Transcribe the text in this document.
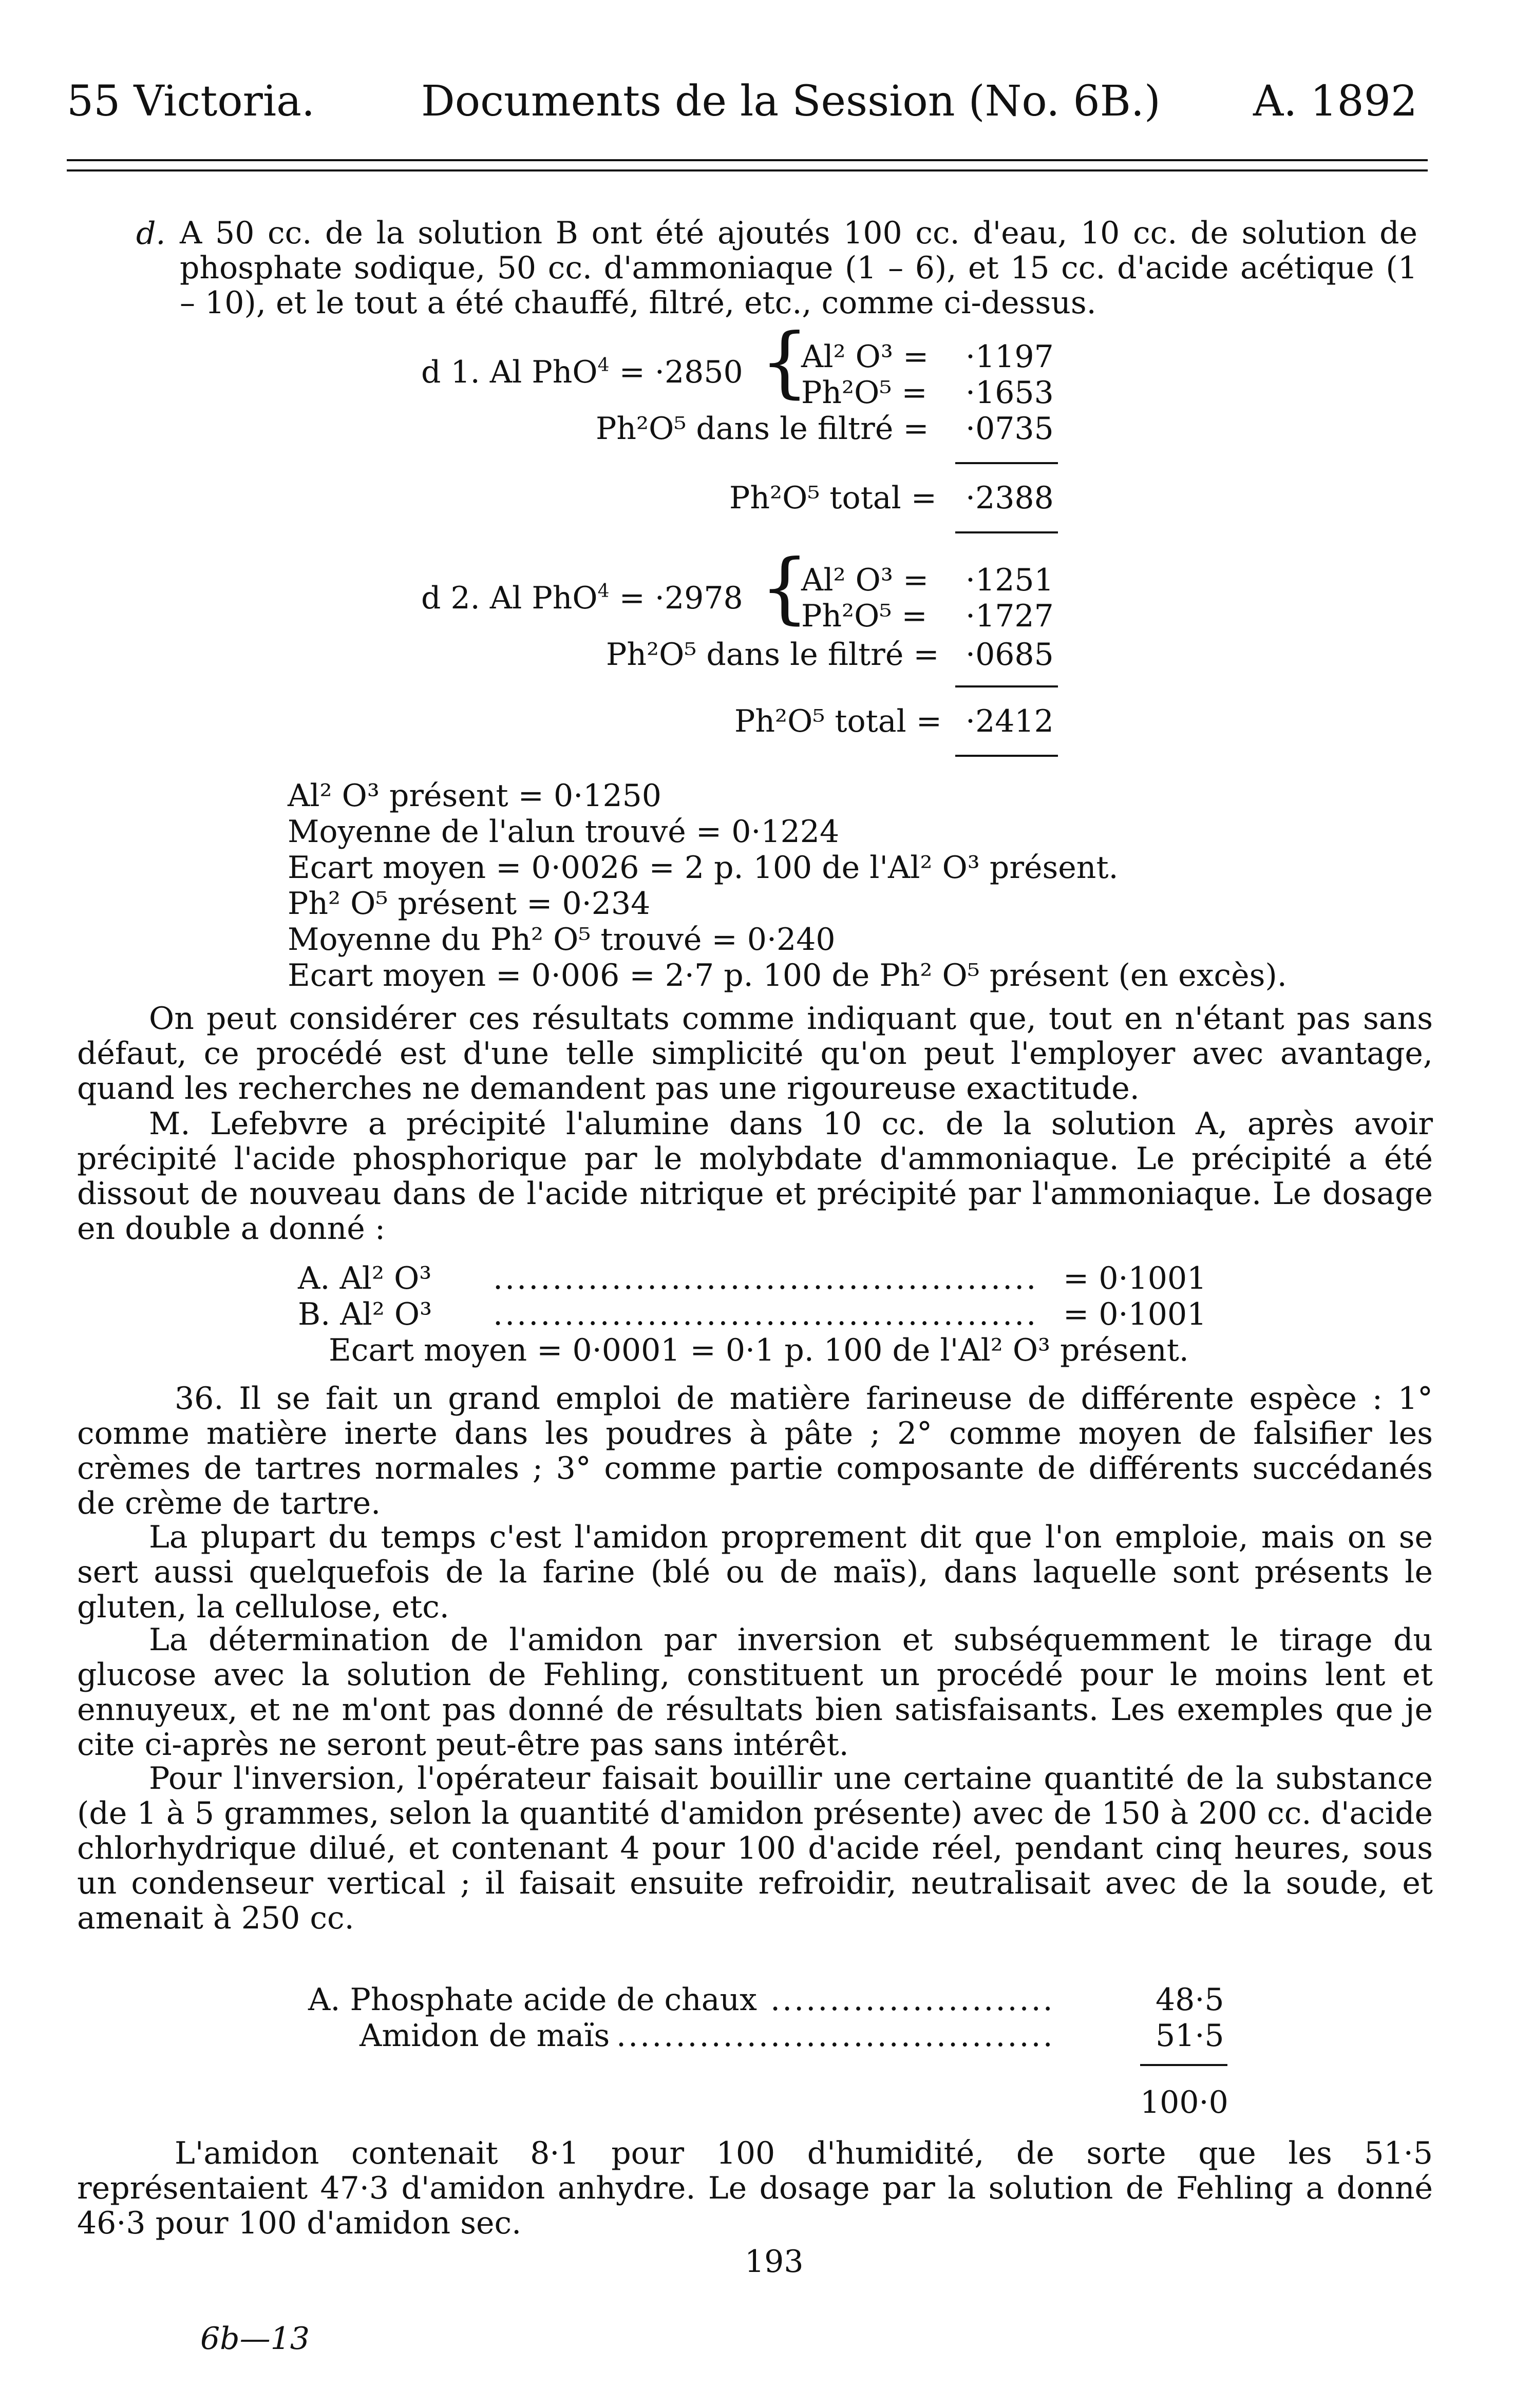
55 Victoria.	Documents de la Session (No. 6B.) A. 1892
d. A 50 cc. de la solution B ont été ajoutés 100 cc. d'eau, 10 cc. de solution de phosphate sodique, 50 cc. d'ammoniaque (1 – 6), et 15 cc. d'acide acétique (1 – 10), et le tout a été chauffé, filtré, etc., comme ci-dessus.
d 1. Al PhO$^4$ = ·2850 {
Al² O³ = ·1197
Ph²O⁵ = ·1653
Ph²O⁵ dans le filtré = ·0735
Ph²O⁵ total = ·2388
d 2. Al PhO$^4$ = ·2978 {
Al² O³ = ·1251
Ph²O⁵ = ·1727
Ph²O⁵ dans le filtré = ·0685
Ph²O⁵ total = ·2412
Al² O³ présent = 0·1250
Moyenne de l'alun trouvé = 0·1224
Ecart moyen = 0·0026 = 2 p. 100 de l'Al² O³ présent.
Ph² O⁵ présent = 0·234
Moyenne du Ph² O⁵ trouvé = 0·240
Ecart moyen = 0·006 = 2·7 p. 100 de Ph² O⁵ présent (en excès).
On peut considérer ces résultats comme indiquant que, tout en n'étant pas sans défaut, ce procédé est d'une telle simplicité qu'on peut l'employer avec avantage, quand les recherches ne demandent pas une rigoureuse exactitude.
M. Lefebvre a précipité l'alumine dans 10 cc. de la solution A, après avoir précipité l'acide phosphorique par le molybdate d'ammoniaque. Le précipité a été dissout de nouveau dans de l'acide nitrique et précipité par l'ammoniaque. Le dosage en double a donné :
A. Al² O³ .............................................. = 0·1001
B. Al² O³ .............................................. = 0·1001
Ecart moyen = 0·0001 = 0·1 p. 100 de l'Al² O³ présent.
36. Il se fait un grand emploi de matière farineuse de différente espèce : 1° comme matière inerte dans les poudres à pâte ; 2° comme moyen de falsifier les crèmes de tartres normales ; 3° comme partie composante de différents succédanés de crème de tartre.
La plupart du temps c'est l'amidon proprement dit que l'on emploie, mais on se sert aussi quelquefois de la farine (blé ou de maïs), dans laquelle sont présents le gluten, la cellulose, etc.
La détermination de l'amidon par inversion et subséquemment le tirage du glucose avec la solution de Fehling, constituent un procédé pour le moins lent et ennuyeux, et ne m'ont pas donné de résultats bien satisfaisants. Les exemples que je cite ci-après ne seront peut-être pas sans intérêt.
Pour l'inversion, l'opérateur faisait bouillir une certaine quantité de la substance (de 1 à 5 grammes, selon la quantité d'amidon présente) avec de 150 à 200 cc. d'acide chlorhydrique dilué, et contenant 4 pour 100 d'acide réel, pendant cinq heures, sous un condenseur vertical ; il faisait ensuite refroidir, neutralisait avec de la soude, et amenait à 250 cc.
A. Phosphate acide de chaux ........................	48·5
Amidon de maïs .....................................	51·5
100·0
L'amidon contenait 8·1 pour 100 d'humidité, de sorte que les 51·5 représentaient 47·3 d'amidon anhydre. Le dosage par la solution de Fehling a donné 46·3 pour 100 d'amidon sec.
193
6b—13
